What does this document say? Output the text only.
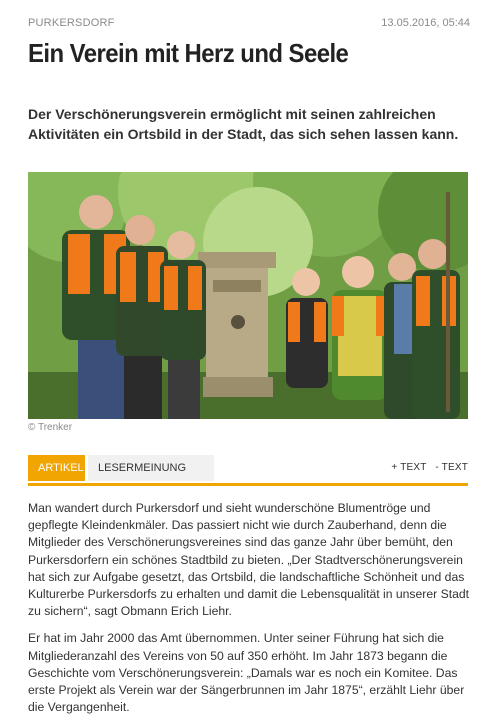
PURKERSDORF	13.05.2016, 05:44
Ein Verein mit Herz und Seele

Der Verschönerungsverein ermöglicht mit seinen zahlreichen Aktivitäten ein Ortsbild in der Stadt, das sich sehen lassen kann.

© Trenker
ARTIKEL	LESERMEINUNG	+ TEXT - TEXT

Man wandert durch Purkersdorf und sieht wunderschöne Blumentröge und gepflegte Kleindenkmäler. Das passiert nicht wie durch Zauberhand, denn die Mitglieder des Verschönerungsvereines sind das ganze Jahr über bemüht, den Purkersdorfern ein schönes Stadtbild zu bieten. „Der Stadtverschönerungsverein hat sich zur Aufgabe gesetzt, das Ortsbild, die landschaftliche Schönheit und das Kulturerbe Purkersdorfs zu erhalten und damit die Lebensqualität in unserer Stadt zu sichern“, sagt Obmann Erich Liehr.

Er hat im Jahr 2000 das Amt übernommen. Unter seiner Führung hat sich die Mitgliederanzahl des Vereins von 50 auf 350 erhöht. Im Jahr 1873 begann die Geschichte vom Verschönerungsverein: „Damals war es noch ein Komitee. Das erste Projekt als Verein war der Sängerbrunnen im Jahr 1875“, erzählt Liehr über die Vergangenheit.
